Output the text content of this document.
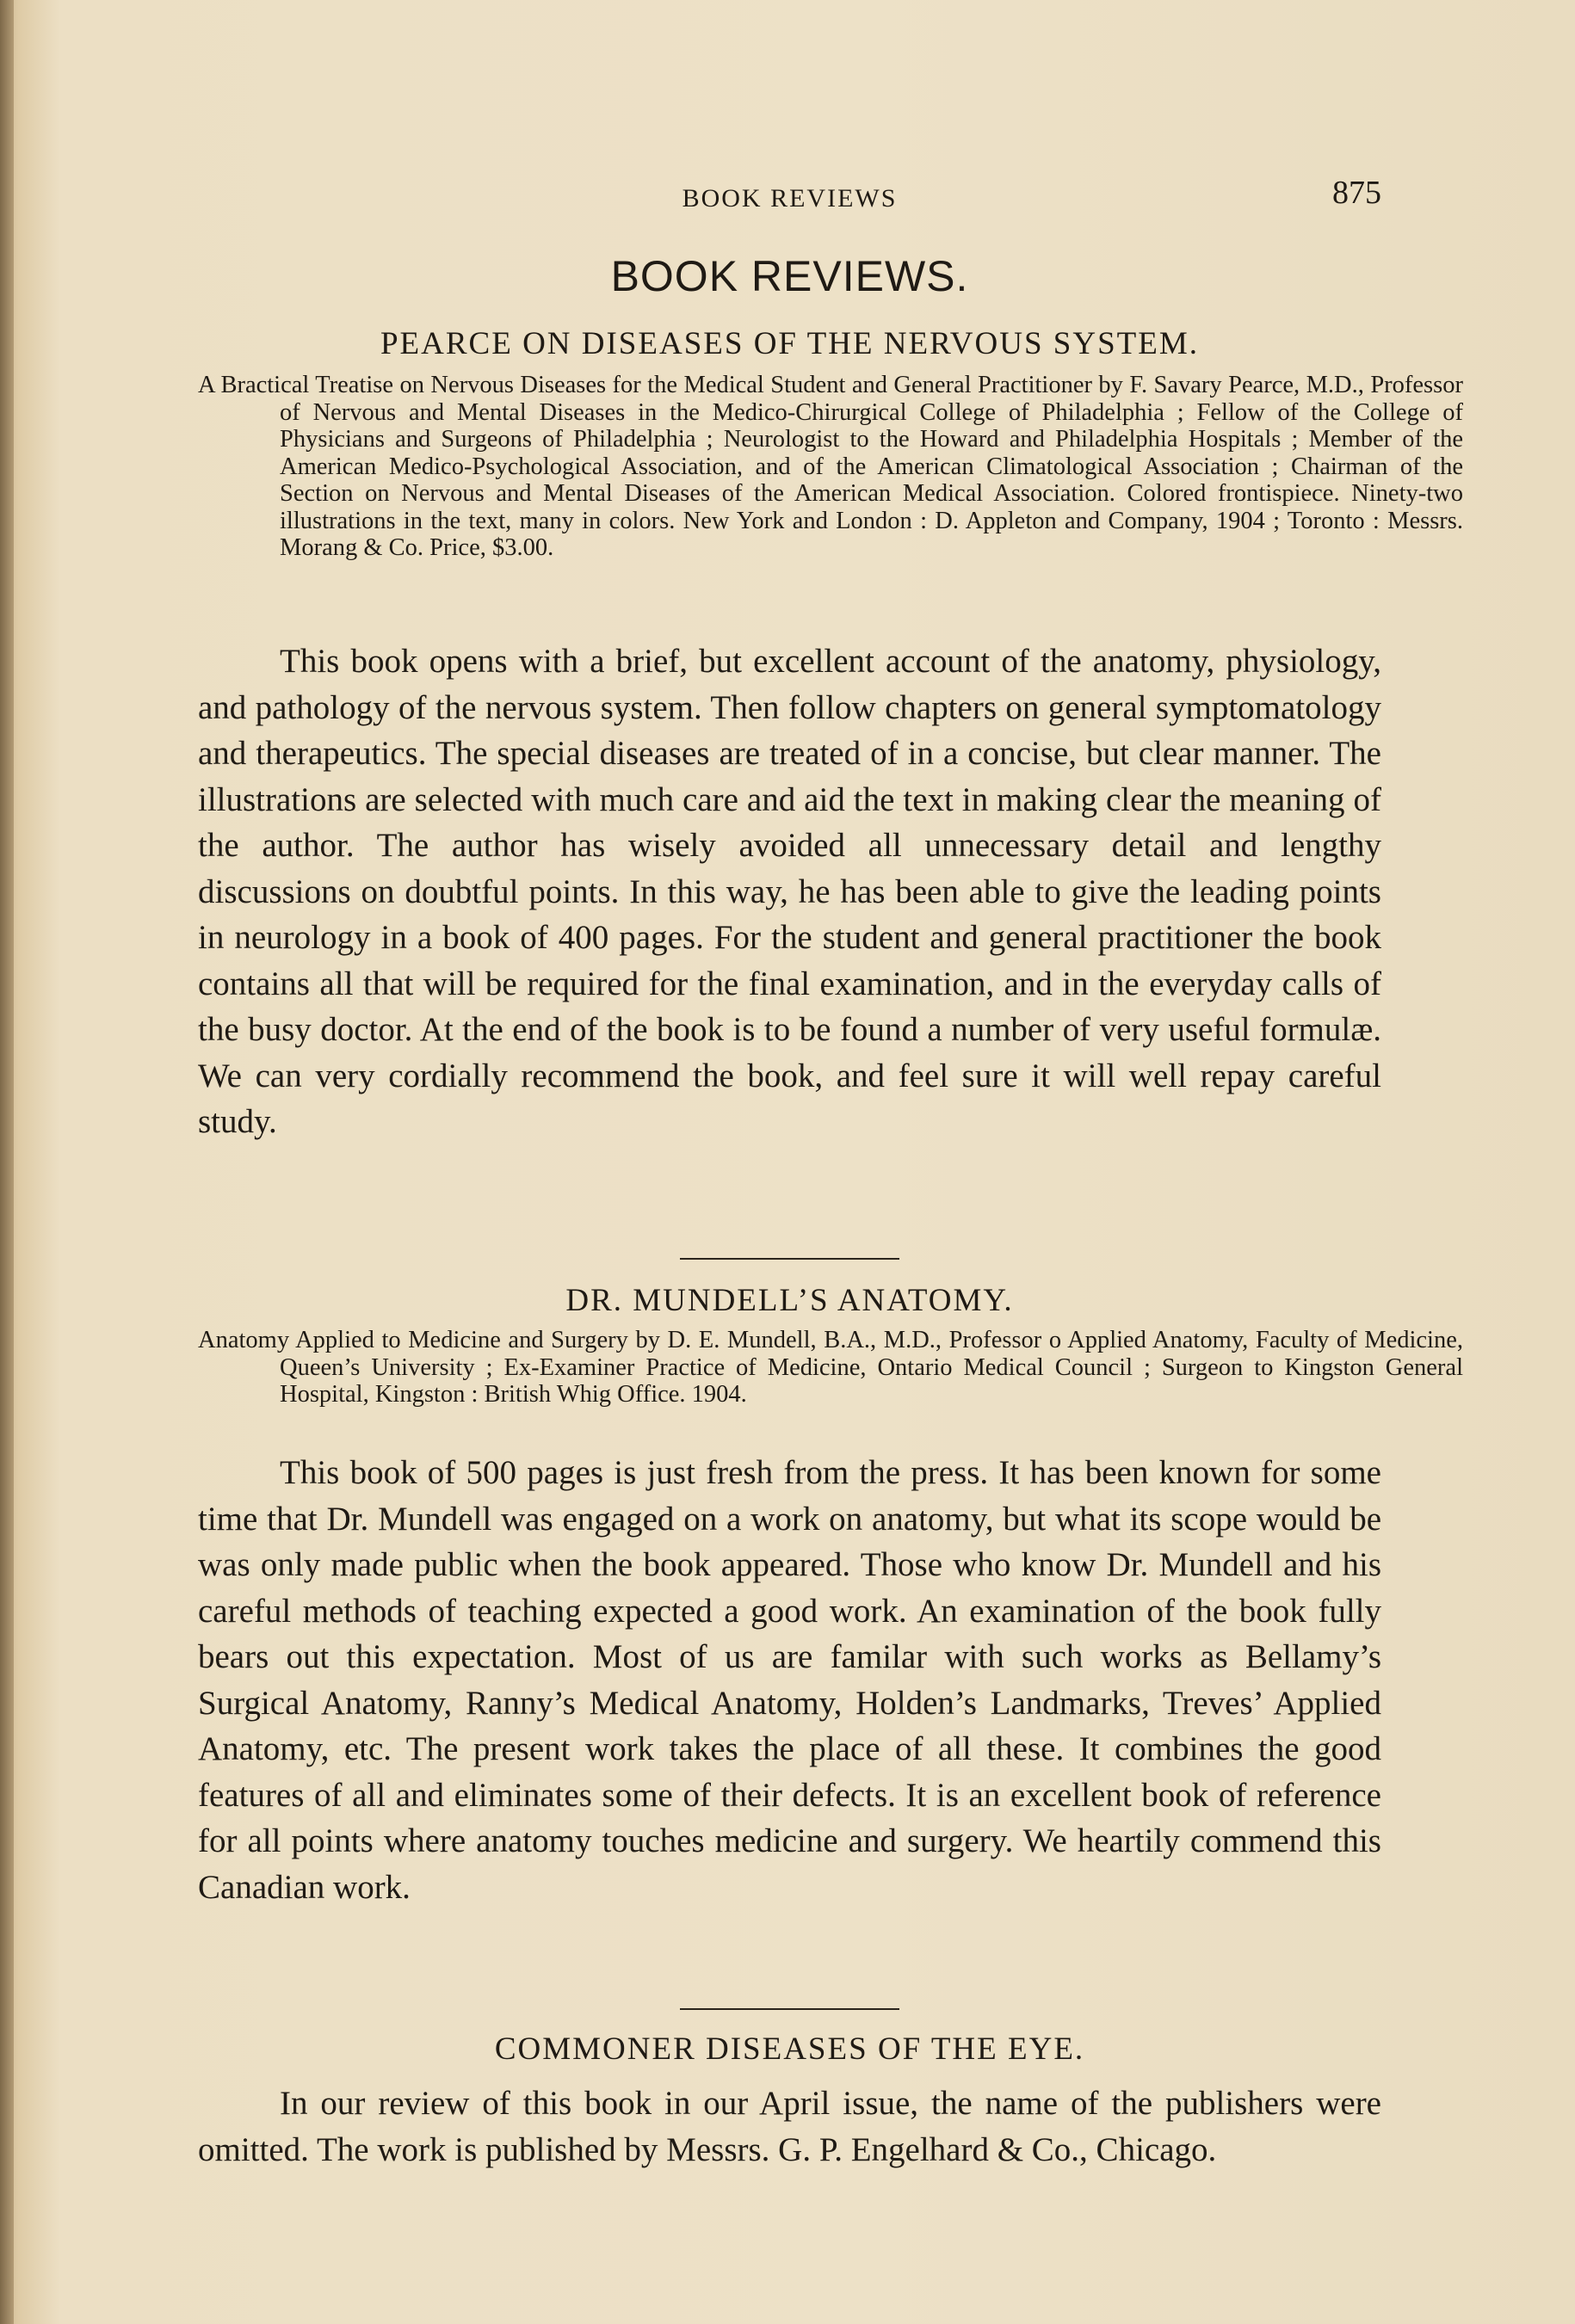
BOOK REVIEWS	875
BOOK REVIEWS.
PEARCE ON DISEASES OF THE NERVOUS SYSTEM.

A Bractical Treatise on Nervous Diseases for the Medical Student and General Practitioner by F. Savary Pearce, M.D., Professor of Nervous and Mental Diseases in the Medico-Chirurgical College of Philadelphia ; Fellow of the College of Physicians and Surgeons of Philadelphia ; Neurologist to the Howard and Philadelphia Hospitals ; Member of the American Medico-Psychological Association, and of the American Climatological Association ; Chairman of the Section on Nervous and Mental Diseases of the American Medical Association. Colored frontispiece. Ninety-two illustrations in the text, many in colors. New York and London : D. Appleton and Company, 1904 ; Toronto : Messrs. Morang & Co. Price, $3.00.

This book opens with a brief, but excellent account of the anatomy, physiology, and pathology of the nervous system. Then follow chapters on general symptomatology and therapeutics. The special diseases are treated of in a concise, but clear manner. The illustrations are selected with much care and aid the text in making clear the meaning of the author. The author has wisely avoided all unnecessary detail and lengthy discussions on doubtful points. In this way, he has been able to give the leading points in neurology in a book of 400 pages. For the student and general practitioner the book contains all that will be required for the final examination, and in the everyday calls of the busy doctor. At the end of the book is to be found a number of very useful formulæ. We can very cordially recommend the book, and feel sure it will well repay careful study.

DR. MUNDELL’S ANATOMY.

Anatomy Applied to Medicine and Surgery by D. E. Mundell, B.A., M.D., Professor o Applied Anatomy, Faculty of Medicine, Queen’s University ; Ex-Examiner Practice of Medicine, Ontario Medical Council ; Surgeon to Kingston General Hospital, Kingston : British Whig Office. 1904.

This book of 500 pages is just fresh from the press. It has been known for some time that Dr. Mundell was engaged on a work on anatomy, but what its scope would be was only made public when the book appeared. Those who know Dr. Mundell and his careful methods of teaching expected a good work. An examination of the book fully bears out this expectation. Most of us are familar with such works as Bellamy’s Surgical Anatomy, Ranny’s Medical Anatomy, Holden’s Landmarks, Treves’ Applied Anatomy, etc. The present work takes the place of all these. It combines the good features of all and eliminates some of their defects. It is an excellent book of reference for all points where anatomy touches medicine and surgery. We heartily commend this Canadian work.

COMMONER DISEASES OF THE EYE.

In our review of this book in our April issue, the name of the publishers were omitted. The work is published by Messrs. G. P. Engelhard & Co., Chicago.
